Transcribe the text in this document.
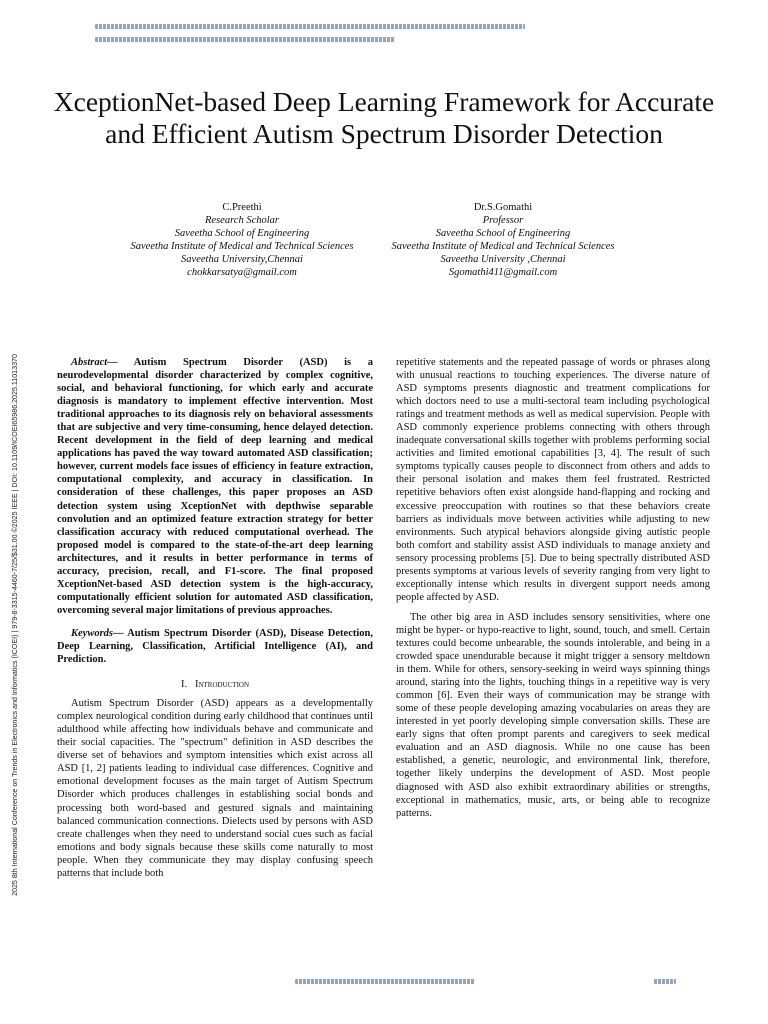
XceptionNet-based Deep Learning Framework for Accurate and Efficient Autism Spectrum Disorder Detection
C.Preethi
Research Scholar
Saveetha School of Engineering
Saveetha Institute of Medical and Technical Sciences
Saveetha University,Chennai
chokkarsatya@gmail.com
Dr.S.Gomathi
Professor
Saveetha School of Engineering
Saveetha Institute of Medical and Technical Sciences
Saveetha University ,Chennai
Sgomathi411@gmail.com
2025 8th International Conference on Trends in Electronics and Informatics (ICOEI) | 979-8-3315-4460-7/25/$31.00 ©2025 IEEE | DOI: 10.1109/ICOEI65986.2025.11013370	Abstract— Autism Spectrum Disorder (ASD) is a neurodevelopmental disorder characterized by complex cognitive, social, and behavioral functioning, for which early and accurate diagnosis is mandatory to implement effective intervention. Most traditional approaches to its diagnosis rely on behavioral assessments that are subjective and very time-consuming, hence delayed detection. Recent development in the field of deep learning and medical applications has paved the way toward automated ASD classification; however, current models face issues of efficiency in feature extraction, computational complexity, and accuracy in classification. In consideration of these challenges, this paper proposes an ASD detection system using XceptionNet with depthwise separable convolution and an optimized feature extraction strategy for better classification accuracy with reduced computational overhead. The proposed model is compared to the state-of-the-art deep learning architectures, and it results in better performance in terms of accuracy, precision, recall, and F1-score. The final proposed XceptionNet-based ASD detection system is the high-accuracy, computationally efficient solution for automated ASD classification, overcoming several major limitations of previous approaches.

Keywords— Autism Spectrum Disorder (ASD), Disease Detection, Deep Learning, Classification, Artificial Intelligence (AI), and Prediction.

I. Introduction

Autism Spectrum Disorder (ASD) appears as a developmentally complex neurological condition during early childhood that continues until adulthood while affecting how individuals behave and communicate and their social capacities. The "spectrum" definition in ASD describes the diverse set of behaviors and symptom intensities which exist across all ASD [1, 2] patients leading to individual case differences. Cognitive and emotional development focuses as the main target of Autism Spectrum Disorder which produces challenges in establishing social bonds and processing both word-based and gestured signals and maintaining balanced communication connections. Dielects used by persons with ASD create challenges when they need to understand social cues such as facial emotions and body signals because these skills come naturally to most people. When they communicate they may display confusing speech patterns that include both

repetitive statements and the repeated passage of words or phrases along with unusual reactions to touching experiences. The diverse nature of ASD symptoms presents diagnostic and treatment complications for which doctors need to use a multi-sectoral team including psychological ratings and treatment methods as well as medical supervision. People with ASD commonly experience problems connecting with others through inadequate conversational skills together with problems performing social activities and limited emotional capabilities [3, 4]. The result of such symptoms typically causes people to disconnect from others and adds to their personal isolation and makes them feel frustrated. Restricted repetitive behaviors often exist alongside hand-flapping and rocking and excessive preoccupation with routines so that these behaviors create barriers as individuals move between activities while adjusting to new environments. Such atypical behaviors alongside giving autistic people both comfort and stability assist ASD individuals to manage anxiety and sensory processing problems [5]. Due to being spectrally distributed ASD presents symptoms at various levels of severity ranging from very light to exceptionally intense which results in divergent support needs among people affected by ASD.

The other big area in ASD includes sensory sensitivities, where one might be hyper- or hypo-reactive to light, sound, touch, and smell. Certain textures could become unbearable, the sounds intolerable, and being in a crowded space unendurable because it might trigger a sensory meltdown in them. While for others, sensory-seeking in weird ways spinning things around, staring into the lights, touching things in a repetitive way is very common [6]. Even their ways of communication may be strange with some of these people developing amazing vocabularies on areas they are interested in yet poorly developing simple conversation skills. These are early signs that often prompt parents and caregivers to seek medical evaluation and an ASD diagnosis. While no one cause has been established, a genetic, neurologic, and environmental link, therefore, together likely underpins the development of ASD. Most people diagnosed with ASD also exhibit extraordinary abilities or strengths, exceptional in mathematics, music, arts, or being able to recognize patterns.
